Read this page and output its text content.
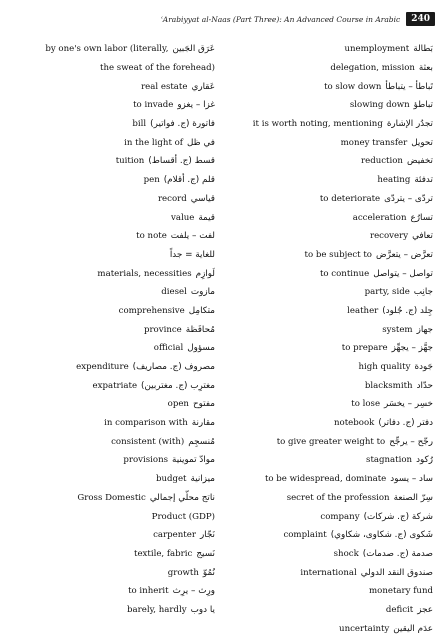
ʿArabiyyat al-Naas (Part Three): An Advanced Course in Arabic	240
by one's own labor (literally, عَرَق الجَبين
the sweat of the forehead)
real estate عَقاري
to invade غزا – يغزو
bill فاتورة (ج. فواتير)
in the light of في ظل
tuition قسط (ج. أقساط)
pen قلم (ج. أقلام)
record قياسي
value قيمة
to note لفت – يلفت
للغاية = جداً
materials, necessities لَوازِم
diesel مازوت
comprehensive متكامِل
province مُحافَظة
official مسؤول
expenditure مصروف (ج. مصاريف)
expatriate مغترِب (ج. مغتربين)
open مفتوح
in comparison with مقارنة
consistent (with) مُنسجِم
provisions موادّ تموينية
budget ميزانية
Gross Domestic ناتج محلّي إجمالي
Product (GDP)
carpenter نَجّار
textile, fabric نَسيج
growth نُمُوّ
to inherit ورِث – يرِث
barely, hardly يا دوب
unemployment بَطالة
delegation, mission بعثة
to slow down تَباطأ – يتباطأ
slowing down تباطؤ
it is worth noting, mentioning تجدُر الإشارة
money transfer تحويل
reduction تخفيض
heating تدفئة
to deteriorate تردّى – يتردّى
acceleration تسارُع
recovery تعافي
to be subject to تعرَّض – يتعرَّض
to continue تواصل – يتواصل
party, side جانِب
leather جِلد (ج. جُلود)
system جهاز
to prepare جهَّز – يجهِّز
high quality جَودة
blacksmith حدّاد
to lose خسِر – يخسَر
notebook دفتر (ج. دفاتر)
to give greater weight to رجّح – يرجِّح
stagnation رُكود
to be widespread, dominate ساد – يسود
secret of the profession سِرّ الصنعة
company شركة (ج. شركات)
complaint شَكوى (ج. شكاوى، شكاوي)
shock صدمة (ج. صدمات)
international صندوق النقد الدولي
monetary fund
deficit عجز
uncertainty عدَم اليقين
